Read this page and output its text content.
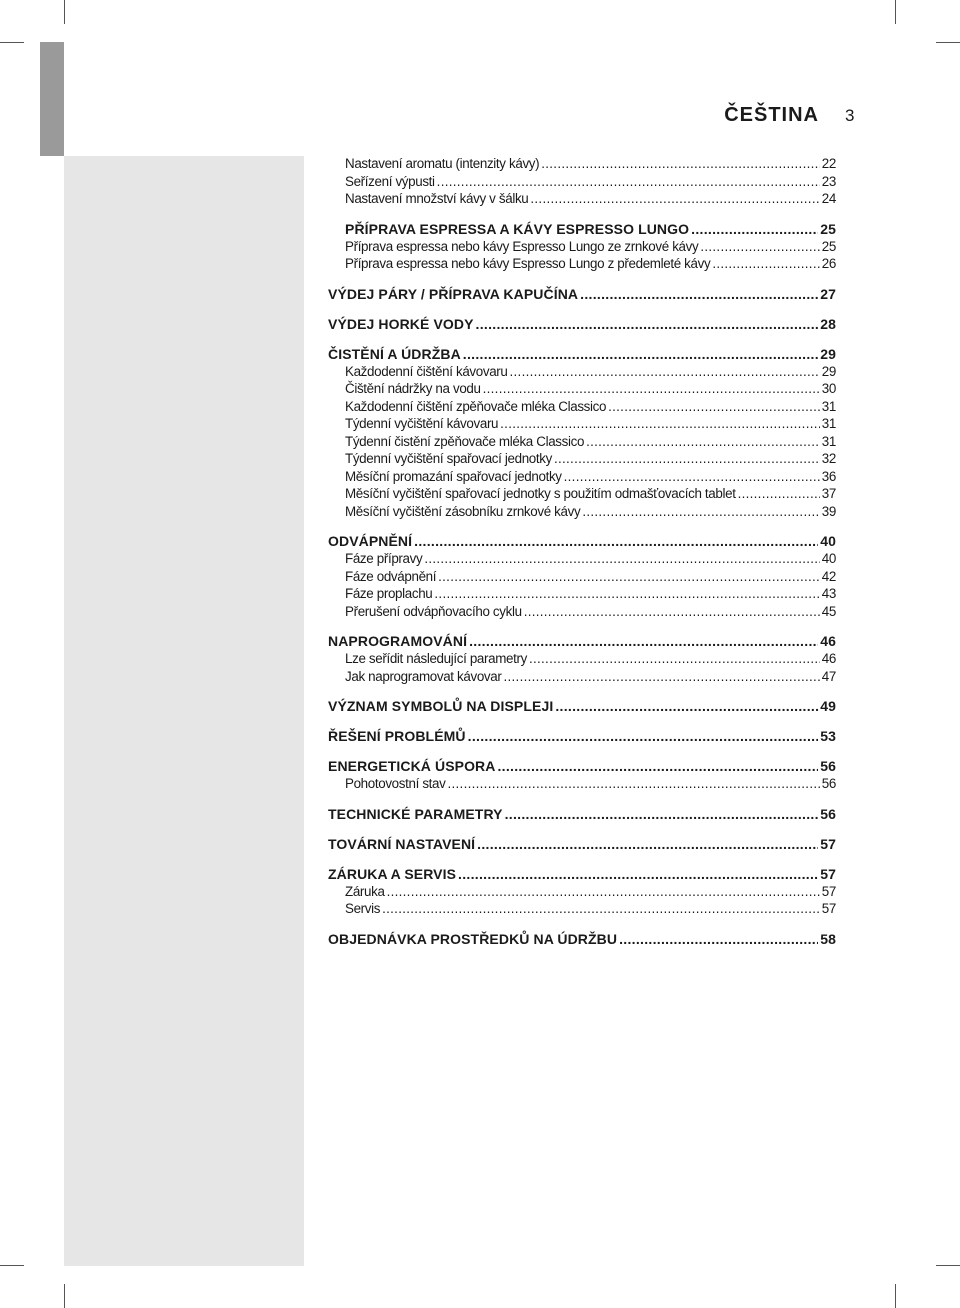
ČEŠTINA 3
Nastavení aromatu (intenzity kávy) .....	22
Seřízení výpusti .....	23
Nastavení množství kávy v šálku .....	24
PŘÍPRAVA ESPRESSA A KÁVY ESPRESSO LUNGO .....	25
Příprava espressa nebo kávy Espresso Lungo ze zrnkové kávy .....	25
Příprava espressa nebo kávy Espresso Lungo z předemleté kávy .....	26
VÝDEJ PÁRY / PŘÍPRAVA KAPUČÍNA .....	27
VÝDEJ HORKÉ VODY .....	28
ČISTĚNÍ A ÚDRŽBA .....	29
Každodenní čištění kávovaru .....	29
Čištění nádržky na vodu .....	30
Každodenní čištění zpěňovače mléka Classico .....	31
Týdenní vyčištění kávovaru .....	31
Týdenní čistění zpěňovače mléka Classico .....	31
Týdenní vyčištění spařovací jednotky .....	32
Měsíční promazání spařovací jednotky .....	36
Měsíční vyčištění spařovací jednotky s použitím odmašťovacích tablet .....	37
Měsíční vyčištění zásobníku zrnkové kávy .....	39
ODVÁPNĚNÍ .....	40
Fáze přípravy .....	40
Fáze odvápnění .....	42
Fáze proplachu .....	43
Přerušení odvápňovacího cyklu .....	45
NAPROGRAMOVÁNÍ .....	46
Lze seřídit následující parametry .....	46
Jak naprogramovat kávovar .....	47
VÝZNAM SYMBOLŮ NA DISPLEJI .....	49
ŘEŠENÍ PROBLÉMŮ .....	53
ENERGETICKÁ ÚSPORA .....	56
Pohotovostní stav .....	56
TECHNICKÉ PARAMETRY .....	56
TOVÁRNÍ NASTAVENÍ .....	57
ZÁRUKA A SERVIS .....	57
Záruka .....	57
Servis .....	57
OBJEDNÁVKA PROSTŘEDKŮ NA ÚDRŽBU .....	58
